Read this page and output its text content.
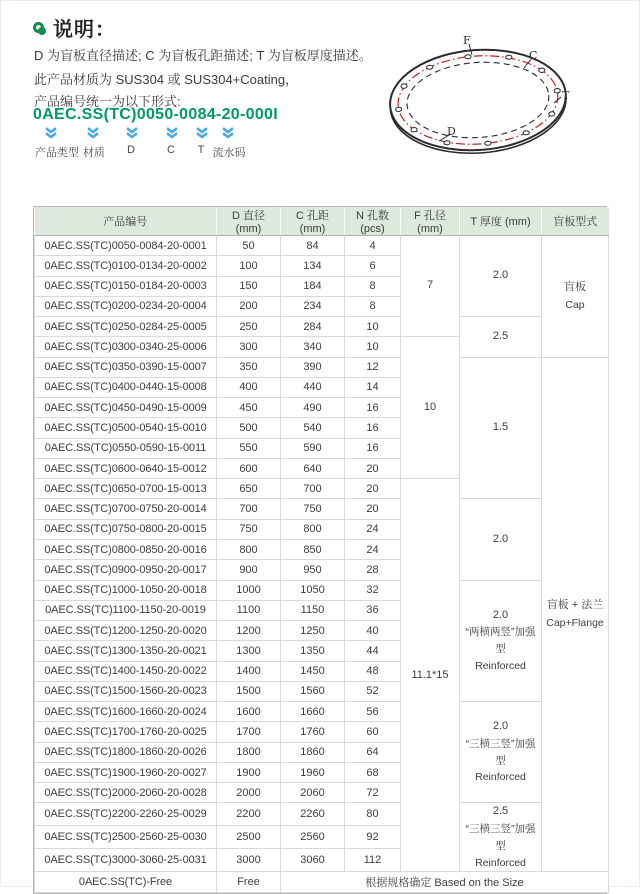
说明：
D 为盲板直径描述; C 为盲板孔距描述; T 为盲板厚度描述。
此产品材质为 SUS304 或 SUS304+Coating，
产品编号统一为以下形式:
0AEC.SS(TC)0050-0084-20-000I
产品类型 材质 D	C T 流水码
F
C
T
D
产品编号	D 直径 (mm)	C 孔距 (mm)	N 孔数 (pcs)	F 孔径 (mm)	T 厚度 (mm)	盲板型式
0AEC.SS(TC)0050-0084-20-0001	50	84	4	7	2.0	盲板
Cap

0AEC.SS(TC)0100-0134-20-0002	100	134	6			
0AEC.SS(TC)0150-0184-20-0003	150	184	8			
0AEC.SS(TC)0200-0234-20-0004	200	234	8			
0AEC.SS(TC)0250-0284-25-0005	250	284	10		2.5	

0AEC.SS(TC)0300-0340-25-0006	300	340	10	10		

0AEC.SS(TC)0350-0390-15-0007	350	390	12		1.5	盲板 + 法兰
Cap+Flange

0AEC.SS(TC)0400-0440-15-0008	400	440	14			
0AEC.SS(TC)0450-0490-15-0009	450	490	16			
0AEC.SS(TC)0500-0540-15-0010	500	540	16			
0AEC.SS(TC)0550-0590-15-0011	550	590	16			
0AEC.SS(TC)0600-0640-15-0012	600	640	20			
0AEC.SS(TC)0650-0700-15-0013	650	700	20	11.1*15		

0AEC.SS(TC)0700-0750-20-0014	700	750	20		2.0	

0AEC.SS(TC)0750-0800-20-0015	750	800	24			
0AEC.SS(TC)0800-0850-20-0016	800	850	24			
0AEC.SS(TC)0900-0950-20-0017	900	950	28			
0AEC.SS(TC)1000-1050-20-0018	1000	1050	32		2.0
“两横两竖”加强型
Reinforced	

0AEC.SS(TC)1100-1150-20-0019	1100	1150	36			
0AEC.SS(TC)1200-1250-20-0020	1200	1250	40			
0AEC.SS(TC)1300-1350-20-0021	1300	1350	44			
0AEC.SS(TC)1400-1450-20-0022	1400	1450	48			
0AEC.SS(TC)1500-1560-20-0023	1500	1560	52			
0AEC.SS(TC)1600-1660-20-0024	1600	1660	56		2.0
“三横三竖”加强型
Reinforced	

0AEC.SS(TC)1700-1760-20-0025	1700	1760	60			
0AEC.SS(TC)1800-1860-20-0026	1800	1860	64			
0AEC.SS(TC)1900-1960-20-0027	1900	1960	68			
0AEC.SS(TC)2000-2060-20-0028	2000	2060	72			
0AEC.SS(TC)2200-2260-25-0029	2200	2260	80		2.5
“三横三竖”加强型
Reinforced	

0AEC.SS(TC)2500-2560-25-0030	2500	2560	92			
0AEC.SS(TC)3000-3060-25-0031	3000	3060	112			
0AEC.SS(TC)-Free	Free	根据规格确定 Based on the Size				
